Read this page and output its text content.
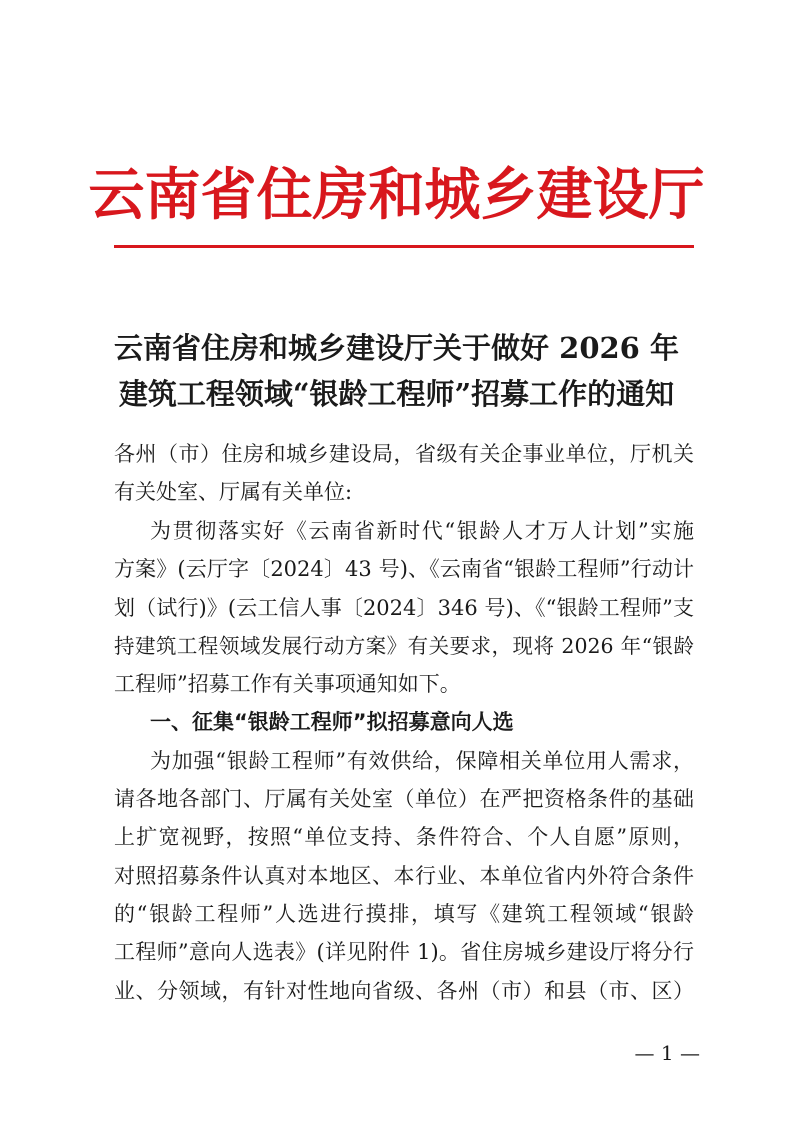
云南省住房和城乡建设厅
云南省住房和城乡建设厅关于做好 2026 年
建筑工程领域“银龄工程师”招募工作的通知
各州（市）住房和城乡建设局，省级有关企事业单位，厅机关
有关处室、厅属有关单位:
为贯彻落实好《云南省新时代“银龄人才万人计划”实施
方案》(云厅字〔2024〕43 号)、《云南省“银龄工程师”行动计
划（试行)》(云工信人事〔2024〕346 号)、《“银龄工程师”支
持建筑工程领域发展行动方案》有关要求，现将 2026 年“银龄
工程师”招募工作有关事项通知如下。
一、征集“银龄工程师”拟招募意向人选
为加强“银龄工程师”有效供给，保障相关单位用人需求，
请各地各部门、厅属有关处室（单位）在严把资格条件的基础
上扩宽视野，按照“单位支持、条件符合、个人自愿”原则，
对照招募条件认真对本地区、本行业、本单位省内外符合条件
的“银龄工程师”人选进行摸排，填写《建筑工程领域“银龄
工程师”意向人选表》(详见附件 1)。省住房城乡建设厅将分行
业、分领域，有针对性地向省级、各州（市）和县（市、区）
— 1 —
